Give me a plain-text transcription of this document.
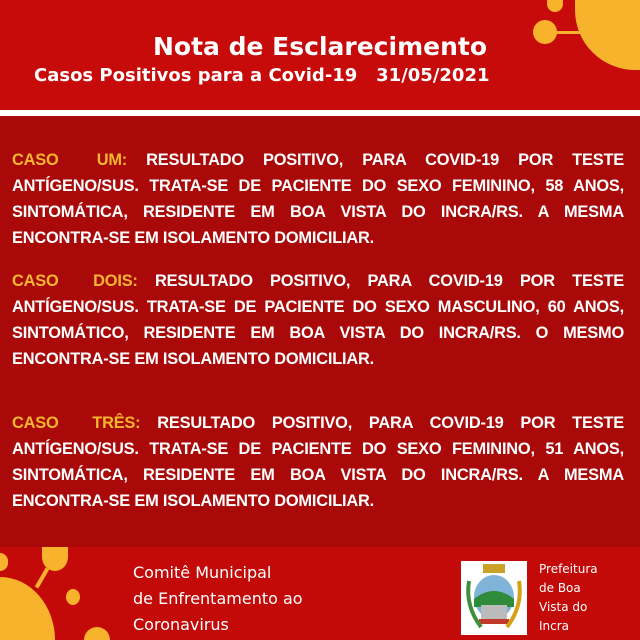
Nota de Esclarecimento
Casos Positivos para a Covid-19 31/05/2021
CASO  UM: RESULTADO POSITIVO, PARA COVID-19 POR TESTE ANTÍGENO/SUS. TRATA-SE DE PACIENTE DO SEXO FEMININO, 58 ANOS, SINTOMÁTICA, RESIDENTE EM BOA VISTA DO INCRA/RS. A MESMA ENCONTRA-SE EM ISOLAMENTO DOMICILIAR.
CASO  DOIS: RESULTADO POSITIVO, PARA COVID-19 POR TESTE ANTÍGENO/SUS. TRATA-SE DE PACIENTE DO SEXO MASCULINO, 60 ANOS, SINTOMÁTICO, RESIDENTE EM BOA VISTA DO INCRA/RS. O MESMO ENCONTRA-SE EM ISOLAMENTO DOMICILIAR.
CASO  TRÊS: RESULTADO POSITIVO, PARA COVID-19 POR TESTE ANTÍGENO/SUS. TRATA-SE DE PACIENTE DO SEXO FEMININO, 51 ANOS, SINTOMÁTICA, RESIDENTE EM BOA VISTA DO INCRA/RS. A MESMA ENCONTRA-SE EM ISOLAMENTO DOMICILIAR.
Comitê Municipal
de Enfrentamento ao
Coronavirus
Prefeitura
de Boa
Vista do
Incra
